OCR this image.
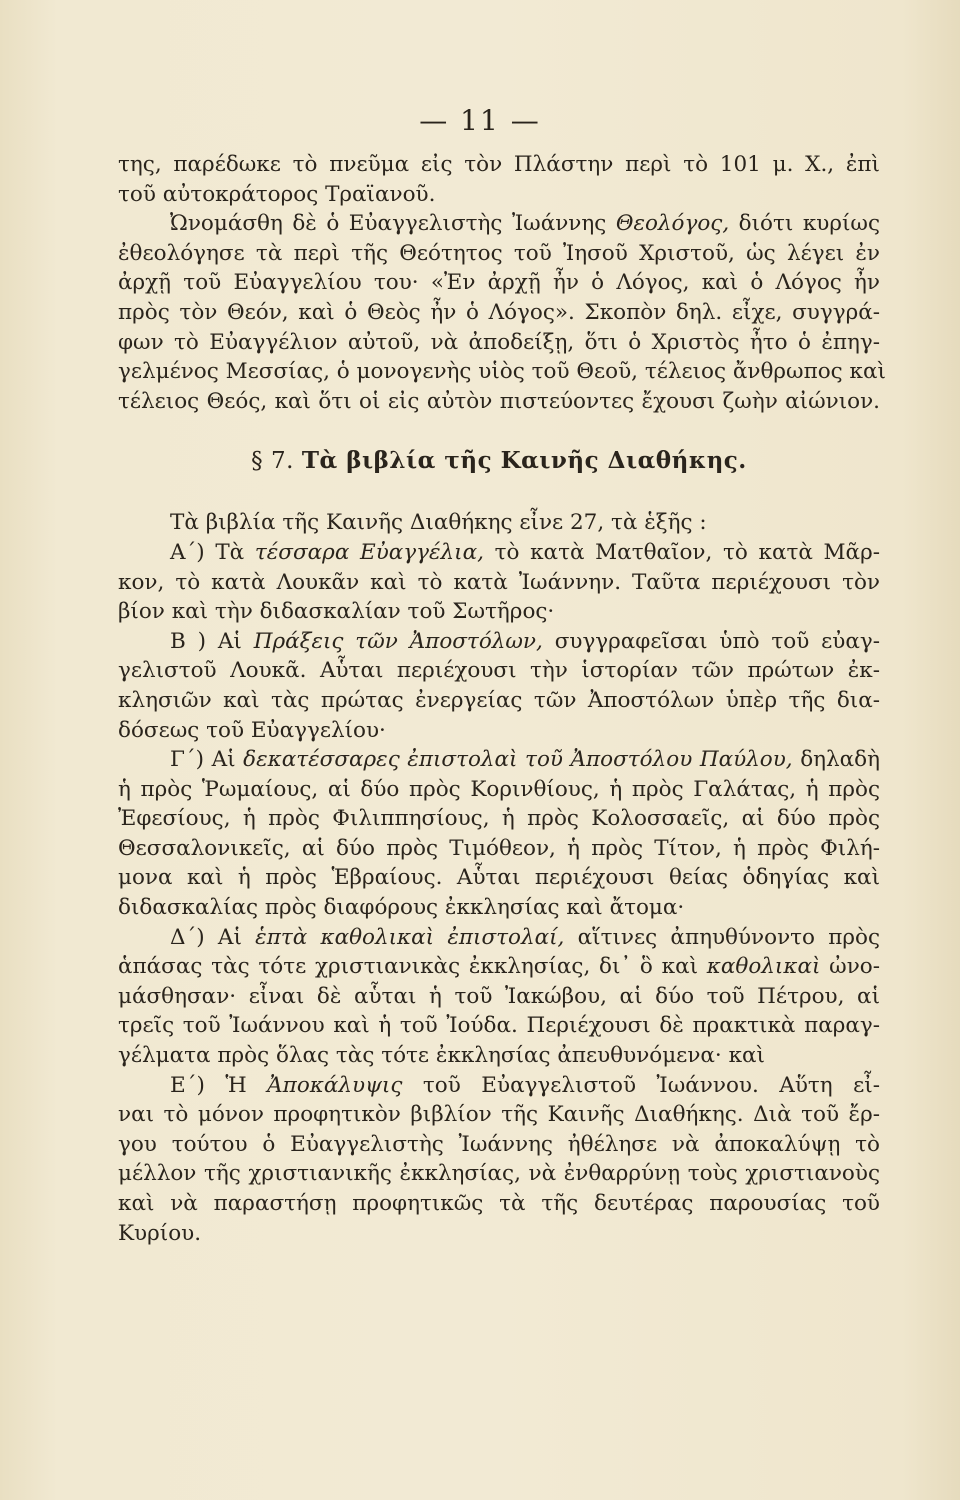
— 11 —
της, παρέδωκε τὸ πνεῦμα εἰς τὸν Πλάστην περὶ τὸ 101 μ. Χ., ἐπὶ
τοῦ αὐτοκράτορος Τραϊανοῦ.
Ὠνομάσθη δὲ ὁ Εὐαγγελιστὴς Ἰωάννης Θεολόγος, διότι κυρίως
ἐθεολόγησε τὰ περὶ τῆς Θεότητος τοῦ Ἰησοῦ Χριστοῦ, ὡς λέγει ἐν
ἀρχῇ τοῦ Εὐαγγελίου του· «Ἐν ἀρχῇ ἦν ὁ Λόγος, καὶ ὁ Λόγος ἦν
πρὸς τὸν Θεόν, καὶ ὁ Θεὸς ἦν ὁ Λόγος». Σκοπὸν δηλ. εἶχε, συγγρά-
φων τὸ Εὐαγγέλιον αὐτοῦ, νὰ ἀποδείξῃ, ὅτι ὁ Χριστὸς ἦτο ὁ ἐπηγ-
γελμένος Μεσσίας, ὁ μονογενὴς υἱὸς τοῦ Θεοῦ, τέλειος ἄνθρωπος καὶ
τέλειος Θεός, καὶ ὅτι οἱ εἰς αὐτὸν πιστεύοντες ἔχουσι ζωὴν αἰώνιον.
§ 7. Τὰ βιβλία τῆς Καινῆς Διαθήκης.
Τὰ βιβλία τῆς Καινῆς Διαθήκης εἶνε 27, τὰ ἑξῆς :
Α΄) Τὰ τέσσαρα Εὐαγγέλια, τὸ κατὰ Ματθαῖον, τὸ κατὰ Μᾶρ-
κον, τὸ κατὰ Λουκᾶν καὶ τὸ κατὰ Ἰωάννην. Ταῦτα περιέχουσι τὸν
βίον καὶ τὴν διδασκαλίαν τοῦ Σωτῆρος·
Β ) Αἱ Πράξεις τῶν Ἀποστόλων, συγγραφεῖσαι ὑπὸ τοῦ εὐαγ-
γελιστοῦ Λουκᾶ. Αὗται περιέχουσι τὴν ἱστορίαν τῶν πρώτων ἐκ-
κλησιῶν καὶ τὰς πρώτας ἐνεργείας τῶν Ἀποστόλων ὑπὲρ τῆς δια-
δόσεως τοῦ Εὐαγγελίου·
Γ΄) Αἱ δεκατέσσαρες ἐπιστολαὶ τοῦ Ἀποστόλου Παύλου, δηλαδὴ
ἡ πρὸς Ῥωμαίους, αἱ δύο πρὸς Κορινθίους, ἡ πρὸς Γαλάτας, ἡ πρὸς
Ἐφεσίους, ἡ πρὸς Φιλιππησίους, ἡ πρὸς Κολοσσαεῖς, αἱ δύο πρὸς
Θεσσαλονικεῖς, αἱ δύο πρὸς Τιμόθεον, ἡ πρὸς Τίτον, ἡ πρὸς Φιλή-
μονα καὶ ἡ πρὸς Ἑβραίους. Αὗται περιέχουσι θείας ὁδηγίας καὶ
διδασκαλίας πρὸς διαφόρους ἐκκλησίας καὶ ἄτομα·
Δ΄) Αἱ ἑπτὰ καθολικαὶ ἐπιστολαί, αἵτινες ἀπηυθύνοντο πρὸς
ἁπάσας τὰς τότε χριστιανικὰς ἐκκλησίας, δι᾽ ὃ καὶ καθολικαὶ ὠνο-
μάσθησαν· εἶναι δὲ αὗται ἡ τοῦ Ἰακώβου, αἱ δύο τοῦ Πέτρου, αἱ
τρεῖς τοῦ Ἰωάννου καὶ ἡ τοῦ Ἰούδα. Περιέχουσι δὲ πρακτικὰ παραγ-
γέλματα πρὸς ὅλας τὰς τότε ἐκκλησίας ἀπευθυνόμενα· καὶ
Ε΄) Ἡ Ἀποκάλυψις τοῦ Εὐαγγελιστοῦ Ἰωάννου. Αὕτη εἶ-
ναι τὸ μόνον προφητικὸν βιβλίον τῆς Καινῆς Διαθήκης. Διὰ τοῦ ἔρ-
γου τούτου ὁ Εὐαγγελιστὴς Ἰωάννης ἠθέλησε νὰ ἀποκαλύψῃ τὸ
μέλλον τῆς χριστιανικῆς ἐκκλησίας, νὰ ἐνθαρρύνῃ τοὺς χριστιανοὺς
καὶ νὰ παραστήσῃ προφητικῶς τὰ τῆς δευτέρας παρουσίας τοῦ
Κυρίου.
